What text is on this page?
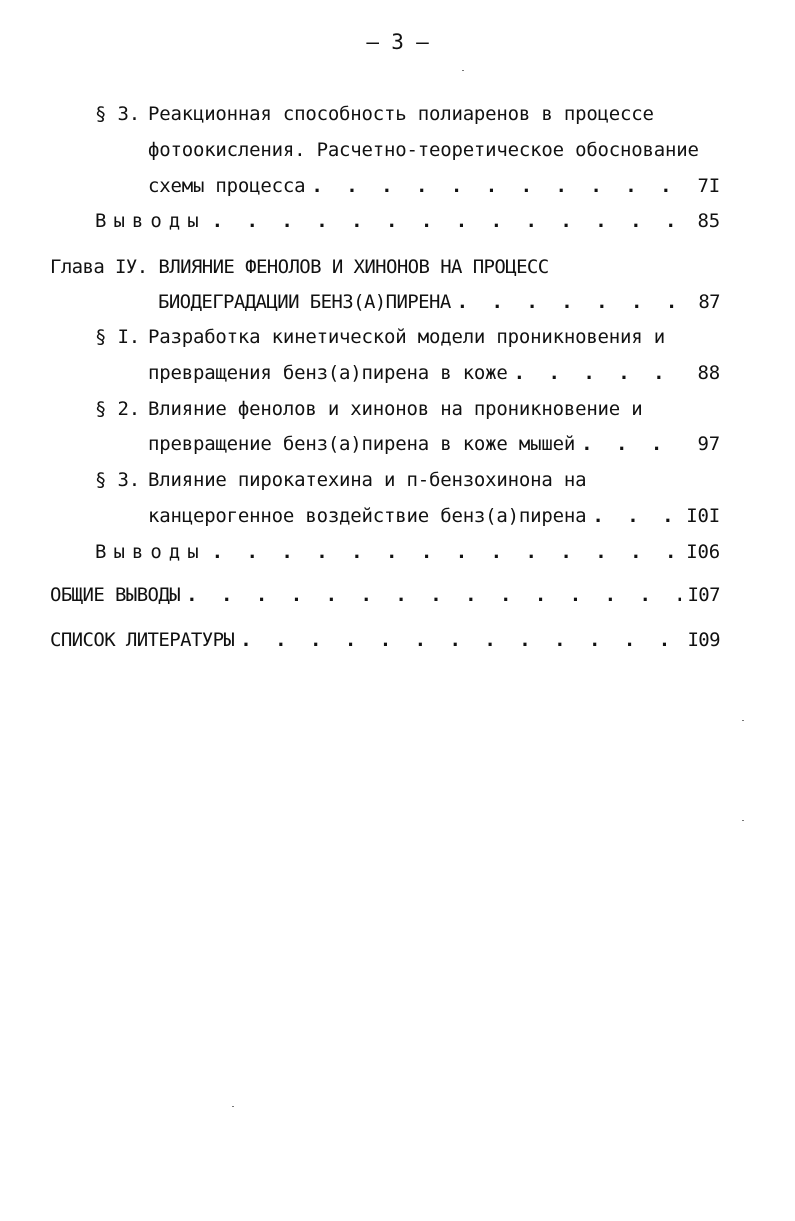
– 3 –
§ 3. Реакционная способность полиаренов в процессе
фотоокисления. Расчетно-теоретическое обоснование
схемы процесса . . .	7I
Выводы . . .	85
Глава IУ. ВЛИЯНИЕ ФЕНОЛОВ И ХИНОНОВ НА ПРОЦЕСС
БИОДЕГРАДАЦИИ БЕНЗ(А)ПИРЕНА . . .	87
§ I. Разработка кинетической модели проникновения и
превращения бенз(а)пирена в коже . . .	88
§ 2. Влияние фенолов и хинонов на проникновение и
превращение бенз(а)пирена в коже мышей . . .	97
§ 3. Влияние пирокатехина и п-бензохинона на
канцерогенное воздействие бенз(а)пирена . . .	I0I
Выводы . . .	I06
ОБЩИЕ ВЫВОДЫ . . .	I07
СПИСОК ЛИТЕРАТУРЫ . . .	I09
